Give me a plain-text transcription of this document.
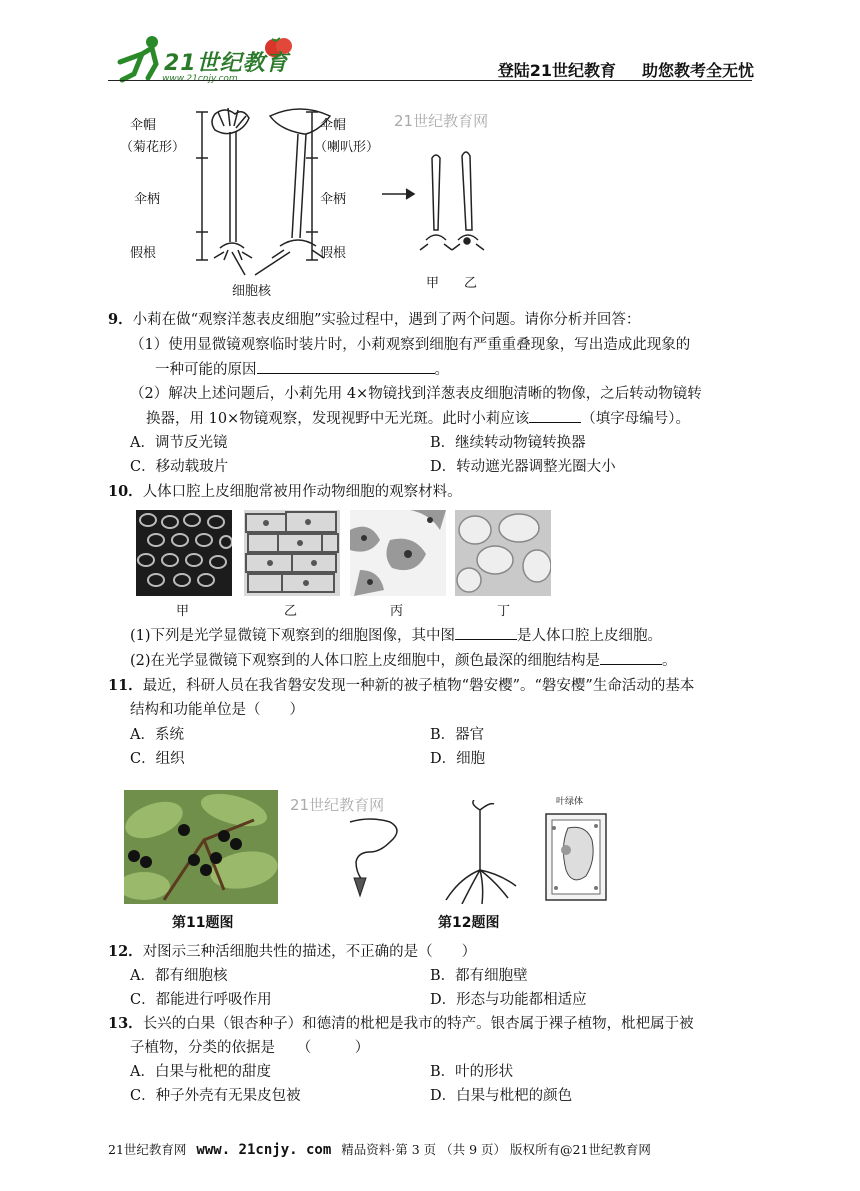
21世纪教育
www.21cnjy.com	登陆21世纪教育 助您教考全无忧
伞帽
（菊花形）
伞柄
假根
细胞核
伞帽
（喇叭形）
伞柄
假根
甲 乙
21世纪教育网
9．小莉在做“观察洋葱表皮细胞”实验过程中，遇到了两个问题。请你分析并回答：
（1）使用显微镜观察临时装片时，小莉观察到细胞有严重重叠现象，写出造成此现象的
一种可能的原因	。
（2）解决上述问题后，小莉先用 4×物镜找到洋葱表皮细胞清晰的物像，之后转动物镜转
换器，用 10×物镜观察，发现视野中无光斑。此时小莉应该	（填字母编号）。
A．调节反光镜	B．继续转动物镜转换器
C．移动载玻片	D．转动遮光器调整光圈大小
10．人体口腔上皮细胞常被用作动物细胞的观察材料。
甲	乙	丙	丁
(1)下列是光学显微镜下观察到的细胞图像，其中图	是人体口腔上皮细胞。
(2)在光学显微镜下观察到的人体口腔上皮细胞中，颜色最深的细胞结构是	。
11．最近，科研人员在我省磐安发现一种新的被子植物“磐安樱”。“磐安樱”生命活动的基本
结构和功能单位是（　　）
A．系统	B．器官
C．组织	D．细胞
21世纪教育网	叶绿体
第11题图	第12题图
12．对图示三种活细胞共性的描述，不正确的是（　　）
A．都有细胞核	B．都有细胞壁
C．都能进行呼吸作用	D．形态与功能都相适应
13．长兴的白果（银杏种子）和德清的枇杷是我市的特产。银杏属于裸子植物，枇杷属于被
子植物，分类的依据是　　（　　　）
A．白果与枇杷的甜度	B．叶的形状
C．种子外壳有无果皮包被	D．白果与枇杷的颜色
21世纪教育网 www. 21cnjy. com 精品资料·第 3 页 （共 9 页） 版权所有@21世纪教育网
